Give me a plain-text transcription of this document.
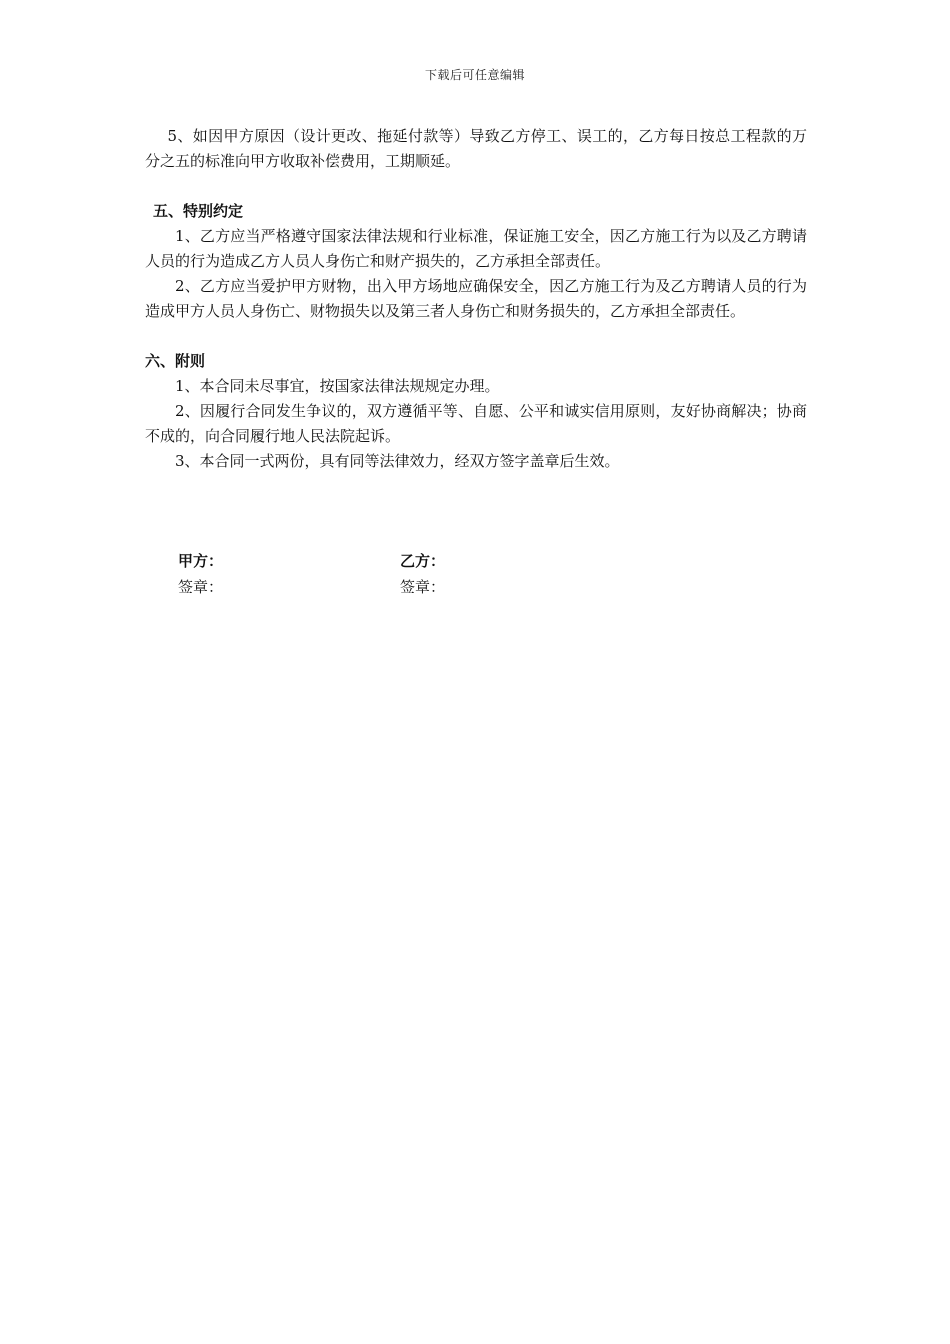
下载后可任意编辑

5、如因甲方原因（设计更改、拖延付款等）导致乙方停工、误工的，乙方每日按总工程款的万分之五的标准向甲方收取补偿费用，工期顺延。

五、特别约定

1、乙方应当严格遵守国家法律法规和行业标准，保证施工安全，因乙方施工行为以及乙方聘请人员的行为造成乙方人员人身伤亡和财产损失的，乙方承担全部责任。

2、乙方应当爱护甲方财物，出入甲方场地应确保安全，因乙方施工行为及乙方聘请人员的行为造成甲方人员人身伤亡、财物损失以及第三者人身伤亡和财务损失的，乙方承担全部责任。

六、附则

1、本合同未尽事宜，按国家法律法规规定办理。

2、因履行合同发生争议的，双方遵循平等、自愿、公平和诚实信用原则，友好协商解决；协商不成的，向合同履行地人民法院起诉。

3、本合同一式两份，具有同等法律效力，经双方签字盖章后生效。

甲方：	乙方：
签章：	签章：
